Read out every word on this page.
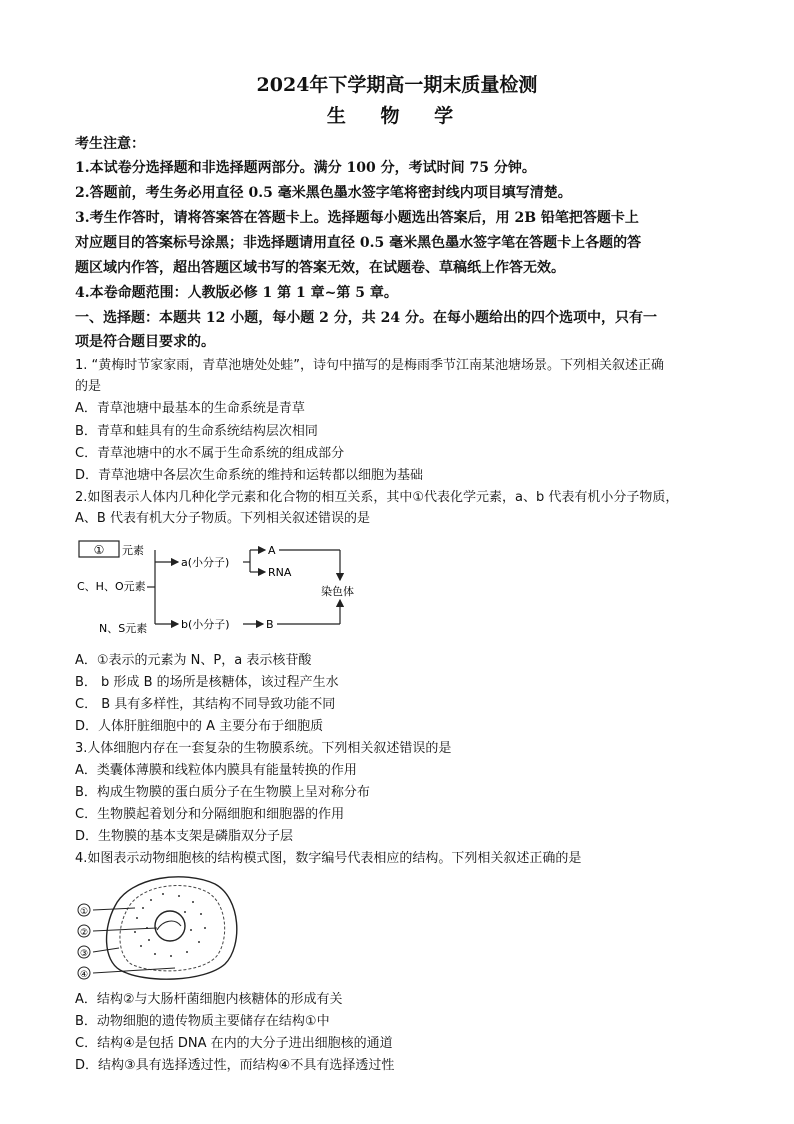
2024年下学期高一期末质量检测
生 物 学
考生注意：
1.本试卷分选择题和非选择题两部分。满分 100 分，考试时间 75 分钟。
2.答题前，考生务必用直径 0.5 毫米黑色墨水签字笔将密封线内项目填写清楚。
3.考生作答时，请将答案答在答题卡上。选择题每小题选出答案后，用 2B 铅笔把答题卡上
对应题目的答案标号涂黑；非选择题请用直径 0.5 毫米黑色墨水签字笔在答题卡上各题的答
题区域内作答，超出答题区域书写的答案无效，在试题卷、草稿纸上作答无效。
4.本卷命题范围：人教版必修 1 第 1 章~第 5 章。
一、选择题：本题共 12 小题，每小题 2 分，共 24 分。在每小题给出的四个选项中，只有一
项是符合题目要求的。
1. “黄梅时节家家雨，青草池塘处处蛙”，诗句中描写的是梅雨季节江南某池塘场景。下列相关叙述正确
的是
A．青草池塘中最基本的生命系统是青草
B．青草和蛙具有的生命系统结构层次相同
C．青草池塘中的水不属于生命系统的组成部分
D．青草池塘中各层次生命系统的维持和运转都以细胞为基础
2.如图表示人体内几种化学元素和化合物的相互关系，其中①代表化学元素，a、b 代表有机小分子物质，
A、B 代表有机大分子物质。下列相关叙述错误的是
① 元素
C、H、O元素
N、S元素
a(小分子)
b(小分子)
A
RNA
B
染色体
A．①表示的元素为 N、P，a 表示核苷酸
B． b 形成 B 的场所是核糖体，该过程产生水
C． B 具有多样性，其结构不同导致功能不同
D．人体肝脏细胞中的 A 主要分布于细胞质
3.人体细胞内存在一套复杂的生物膜系统。下列相关叙述错误的是
A．类囊体薄膜和线粒体内膜具有能量转换的作用
B．构成生物膜的蛋白质分子在生物膜上呈对称分布
C．生物膜起着划分和分隔细胞和细胞器的作用
D．生物膜的基本支架是磷脂双分子层
4.如图表示动物细胞核的结构模式图，数字编号代表相应的结构。下列相关叙述正确的是
①
②
③
④
A．结构②与大肠杆菌细胞内核糖体的形成有关
B．动物细胞的遗传物质主要储存在结构①中
C．结构④是包括 DNA 在内的大分子进出细胞核的通道
D．结构③具有选择透过性，而结构④不具有选择透过性
